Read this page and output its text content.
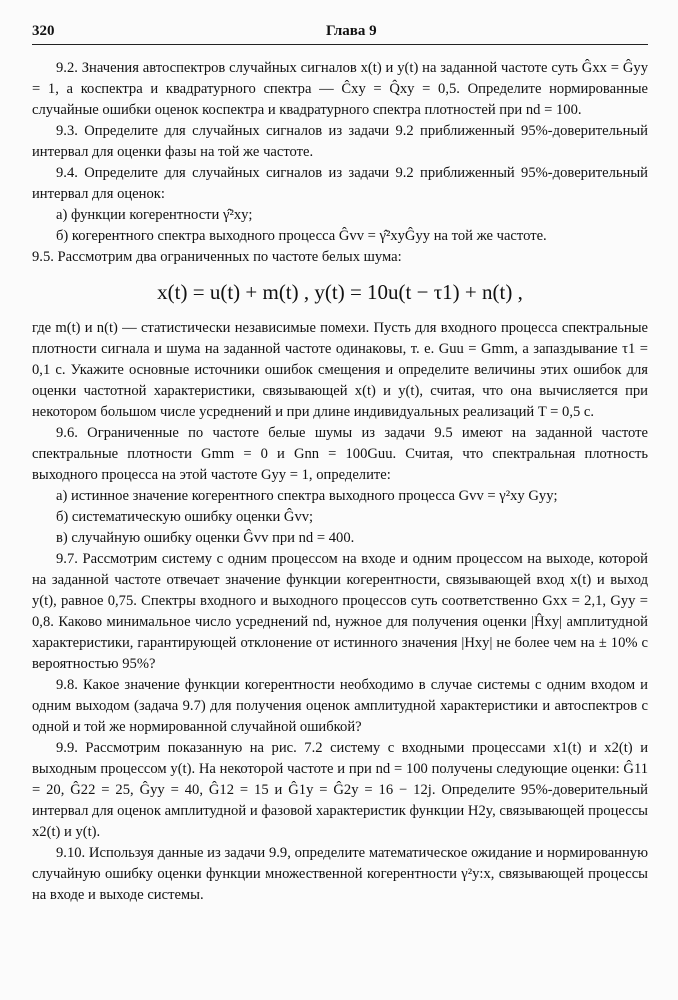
320	Глава 9

9.2. Значения автоспектров случайных сигналов x(t) и y(t) на заданной частоте суть Ĝxx = Ĝyy = 1, а коспектра и квадратурного спектра — Ĉxy = Q̂xy = 0,5. Определите нормированные случайные ошибки оценок коспектра и квадратурного спектра плотностей при nd = 100.

9.3. Определите для случайных сигналов из задачи 9.2 приближенный 95%-доверительный интервал для оценки фазы на той же частоте.

9.4. Определите для случайных сигналов из задачи 9.2 приближенный 95%-доверительный интервал для оценок:

а) функции когерентности γ̂²xy;

б) когерентного спектра выходного процесса Ĝvv = γ̂²xyĜyy на той же частоте.

9.5. Рассмотрим два ограниченных по частоте белых шума:

x(t) = u(t) + m(t) , y(t) = 10u(t − τ1) + n(t) ,

где m(t) и n(t) — статистически независимые помехи. Пусть для входного процесса спектральные плотности сигнала и шума на заданной частоте одинаковы, т. е. Guu = Gmm, а запаздывание τ1 = 0,1 с. Укажите основные источники ошибок смещения и определите величины этих ошибок для оценки частотной характеристики, связывающей x(t) и y(t), считая, что она вычисляется при некотором большом числе усреднений и при длине индивидуальных реализаций T = 0,5 с.

9.6. Ограниченные по частоте белые шумы из задачи 9.5 имеют на заданной частоте спектральные плотности Gmm = 0 и Gnn = 100Guu. Считая, что спектральная плотность выходного процесса на этой частоте Gyy = 1, определите:

а) истинное значение когерентного спектра выходного процесса Gvv = γ²xy Gyy;

б) систематическую ошибку оценки Ĝvv;

в) случайную ошибку оценки Ĝvv при nd = 400.

9.7. Рассмотрим систему с одним процессом на входе и одним процессом на выходе, которой на заданной частоте отвечает значение функции когерентности, связывающей вход x(t) и выход y(t), равное 0,75. Спектры входного и выходного процессов суть соответственно Gxx = 2,1, Gyy = 0,8. Каково минимальное число усреднений nd, нужное для получения оценки |Ĥxy| амплитудной характеристики, гарантирующей отклонение от истинного значения |Hxy| не более чем на ± 10% с вероятностью 95%?

9.8. Какое значение функции когерентности необходимо в случае системы с одним входом и одним выходом (задача 9.7) для получения оценок амплитудной характеристики и автоспектров с одной и той же нормированной случайной ошибкой?

9.9. Рассмотрим показанную на рис. 7.2 систему с входными процессами x1(t) и x2(t) и выходным процессом y(t). На некоторой частоте и при nd = 100 получены следующие оценки: Ĝ11 = 20, Ĝ22 = 25, Ĝyy = 40, Ĝ12 = 15 и Ĝ1y = Ĝ2y = 16 − 12j. Определите 95%-доверительный интервал для оценок амплитудной и фазовой характеристик функции H2y, связывающей процессы x2(t) и y(t).

9.10. Используя данные из задачи 9.9, определите математическое ожидание и нормированную случайную ошибку оценки функции множественной когерентности γ²y:x, связывающей процессы на входе и выходе системы.
